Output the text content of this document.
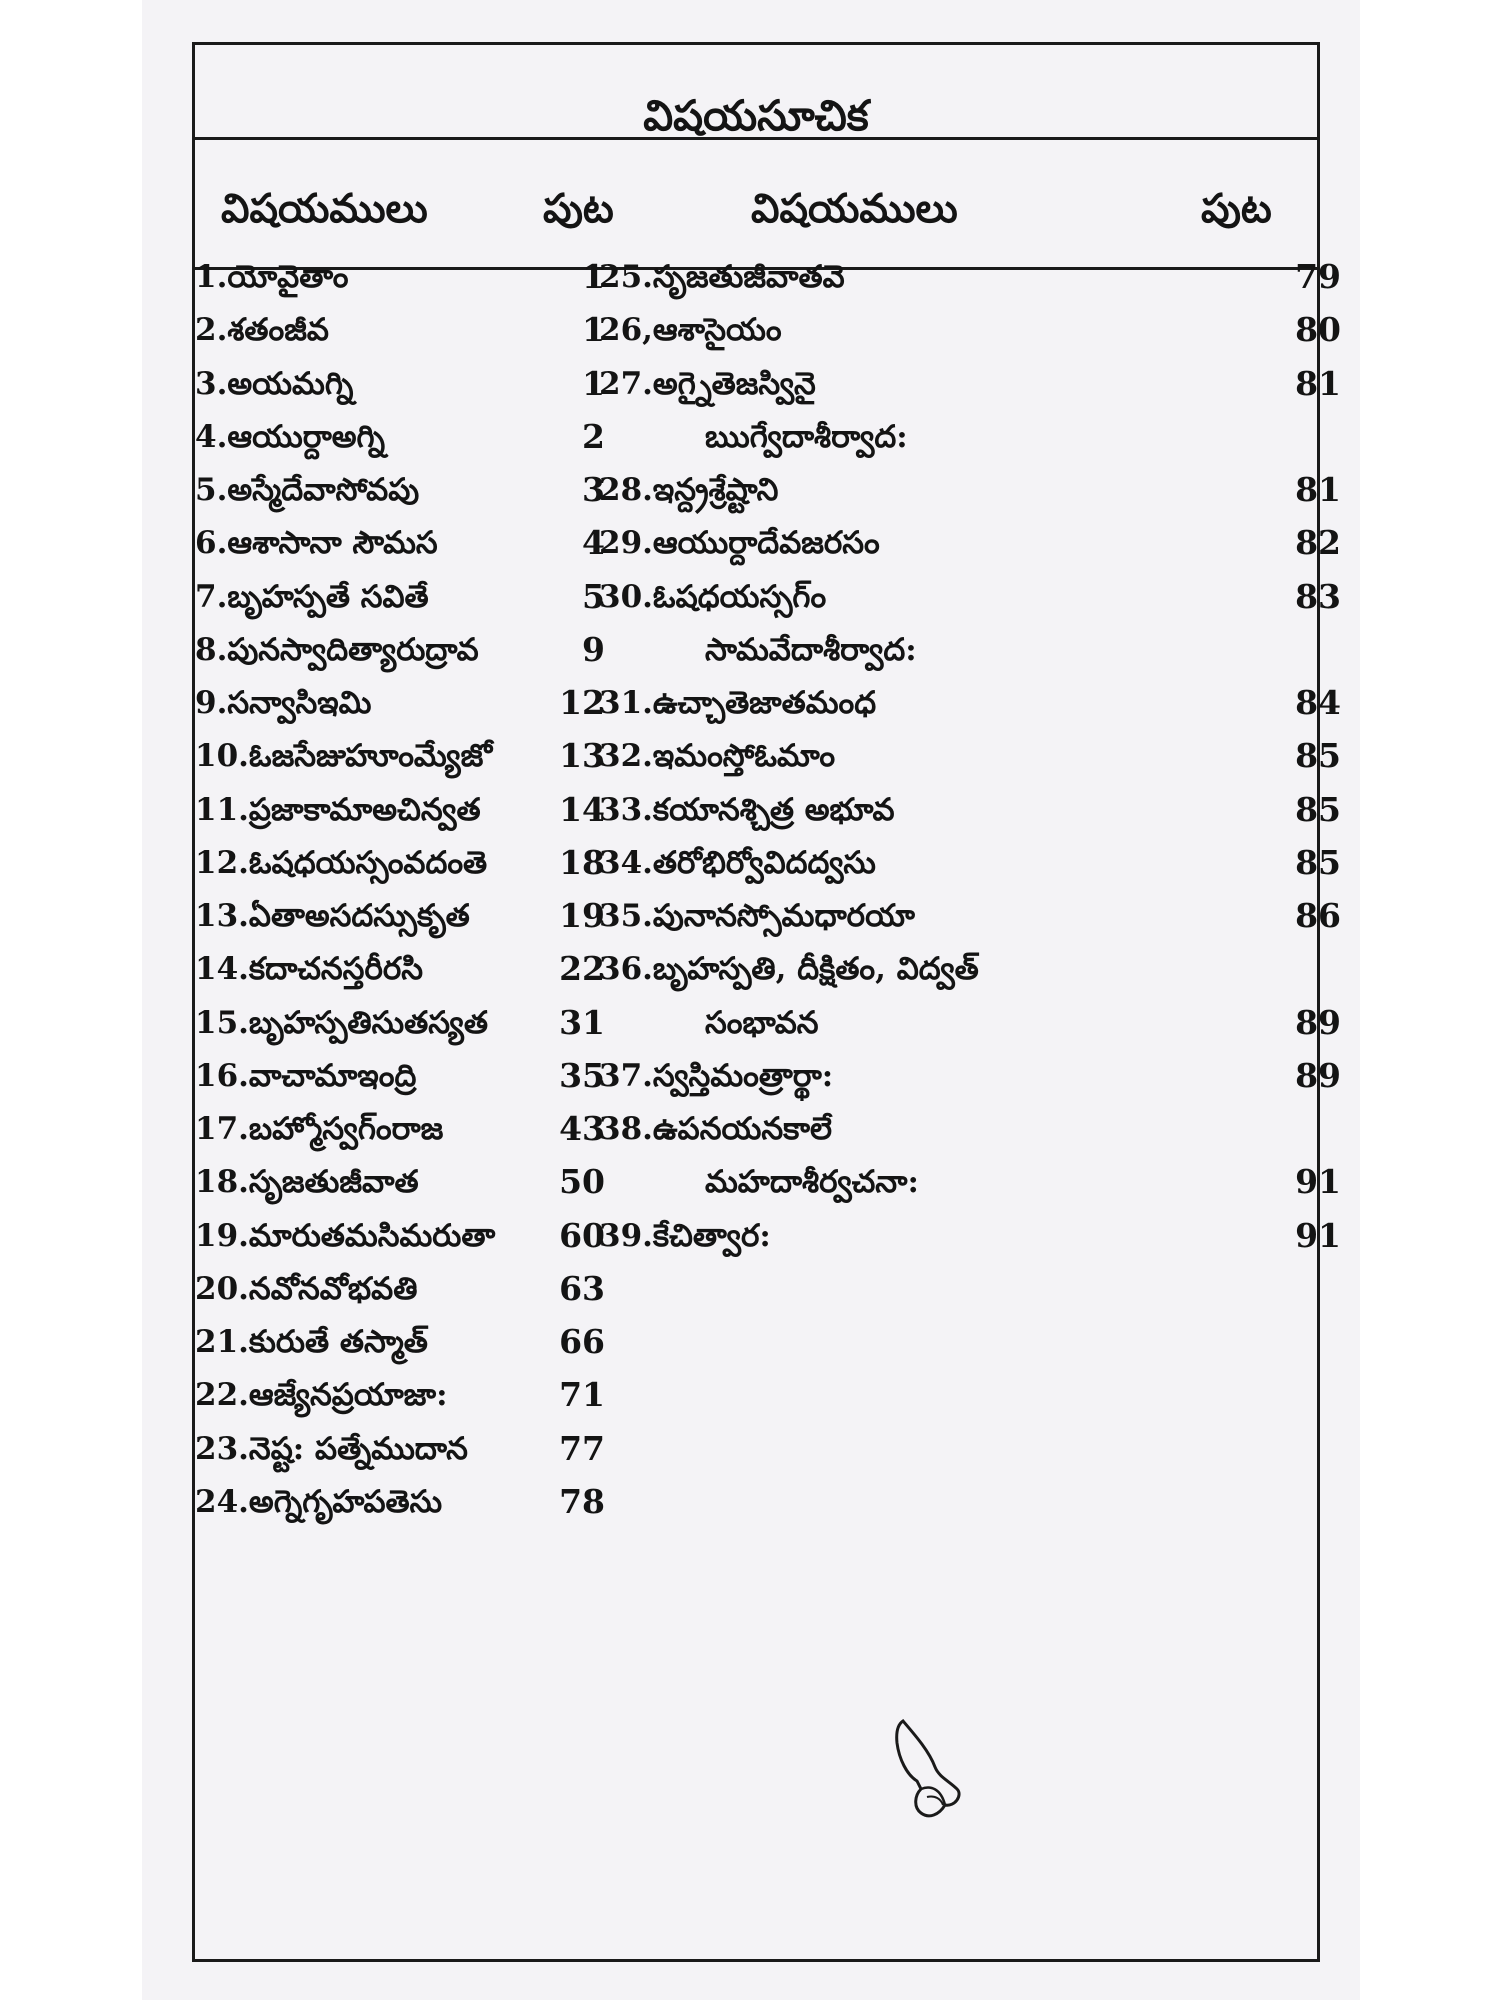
విషయసూచిక
విషయములు	పుట	విషయములు	పుట
1.యోవైతాం	1
2.శతంజీవ	1
3.అయమగ్ని	1
4.ఆయుర్దాఅగ్ని	2
5.అస్మేదేవాసోవపు	3
6.ఆశాసానా సౌమస	4
7.బృహస్పతే సవితే	5
8.పునస్వాదిత్యారుద్రావ	9
9.సన్వాసిఇమి	12
10.ఓజసేజుహూంమ్యేజో	13
11.ప్రజాకామాఅచిన్వత	14
12.ఓషధయస్సంవదంతె	18
13.ఏతాఅసదస్సుకృత	19
14.కదాచనస్తరీరసి	22
15.బృహస్పతిసుతస్యత	31
16.వాచామాఇంద్రి	35
17.బహ్మోస్వగ్ంరాజ	43
18.సృజతుజీవాత	50
19.మారుతమసిమరుతా	60
20.నవోనవోభవతి	63
21.కురుతే తస్మాత్	66
22.ఆజ్యేనప్రయాజా:	71
23.నెష్ట: పత్నేముదాన	77
24.అగ్నెగృహపతెసు	78
25.సృజతుజీవాతవె	79
26,ఆశాసైయం	80
27.అగ్నైతెజస్వినై	81
ఋగ్వేదాశీర్వాద:
28.ఇన్ద్రశ్రేష్టాని	81
29.ఆయుర్దాదేవజరసం	82
30.ఓషధయస్సగ్ం	83
సామవేదాశీర్వాద:
31.ఉచ్చాతెజాతమంధ	84
32.ఇమంస్తోఓమాం	85
33.కయానశ్చిత్ర అభూవ	85
34.తరోభిర్వోవిదద్వసు	85
35.పునానస్సోమధారయా	86
36.బృహస్పతి, దీక్షితం, విద్వత్
సంభావన	89
37.స్వస్తిమంత్రార్థా:	89
38.ఉపనయనకాలే
మహదాశీర్వచనా:	91
39.కేచిత్వార:	91
